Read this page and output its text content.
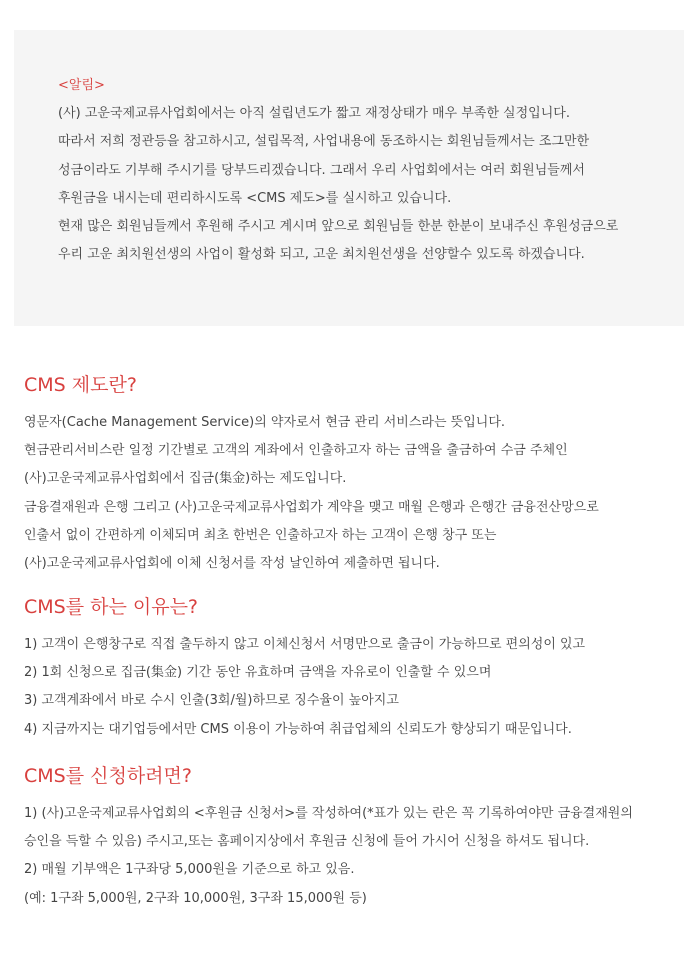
<알림>
(사) 고운국제교류사업회에서는 아직 설립년도가 짧고 재정상태가 매우 부족한 실정입니다.
따라서 저희 정관등을 참고하시고, 설립목적, 사업내용에 동조하시는 회원님들께서는 조그만한
성금이라도 기부해 주시기를 당부드리겠습니다. 그래서 우리 사업회에서는 여러 회원님들께서
후원금을 내시는데 편리하시도록 <CMS 제도>를 실시하고 있습니다.
현재 많은 회원님들께서 후원해 주시고 계시며 앞으로 회원님들 한분 한분이 보내주신 후원성금으로
우리 고운 최치원선생의 사업이 활성화 되고, 고운 최치원선생을 선양할수 있도록 하겠습니다.
CMS 제도란?
영문자(Cache Management Service)의 약자로서 현금 관리 서비스라는 뜻입니다.
현금관리서비스란 일정 기간별로 고객의 계좌에서 인출하고자 하는 금액을 출금하여 수금 주체인
(사)고운국제교류사업회에서 집금(集金)하는 제도입니다.
금융결재원과 은행 그리고 (사)고운국제교류사업회가 계약을 맺고 매월 은행과 은행간 금융전산망으로
인출서 없이 간편하게 이체되며 최초 한번은 인출하고자 하는 고객이 은행 창구 또는
(사)고운국제교류사업회에 이체 신청서를 작성 날인하여 제출하면 됩니다.
CMS를 하는 이유는?
1) 고객이 은행창구로 직접 출두하지 않고 이체신청서 서명만으로 출금이 가능하므로 편의성이 있고
2) 1회 신청으로 집금(集金) 기간 동안 유효하며 금액을 자유로이 인출할 수 있으며
3) 고객계좌에서 바로 수시 인출(3회/월)하므로 징수율이 높아지고
4) 지금까지는 대기업등에서만 CMS 이용이 가능하여 취급업체의 신뢰도가 향상되기 때문입니다.
CMS를 신청하려면?
1) (사)고운국제교류사업회의 <후원금 신청서>를 작성하여(*표가 있는 란은 꼭 기록하여야만 금융결재원의
승인을 득할 수 있음) 주시고,또는 홈페이지상에서 후원금 신청에 들어 가시어 신청을 하셔도 됩니다.
2) 매월 기부액은 1구좌당 5,000원을 기준으로 하고 있음.
(예: 1구좌 5,000원, 2구좌 10,000원, 3구좌 15,000원 등)
